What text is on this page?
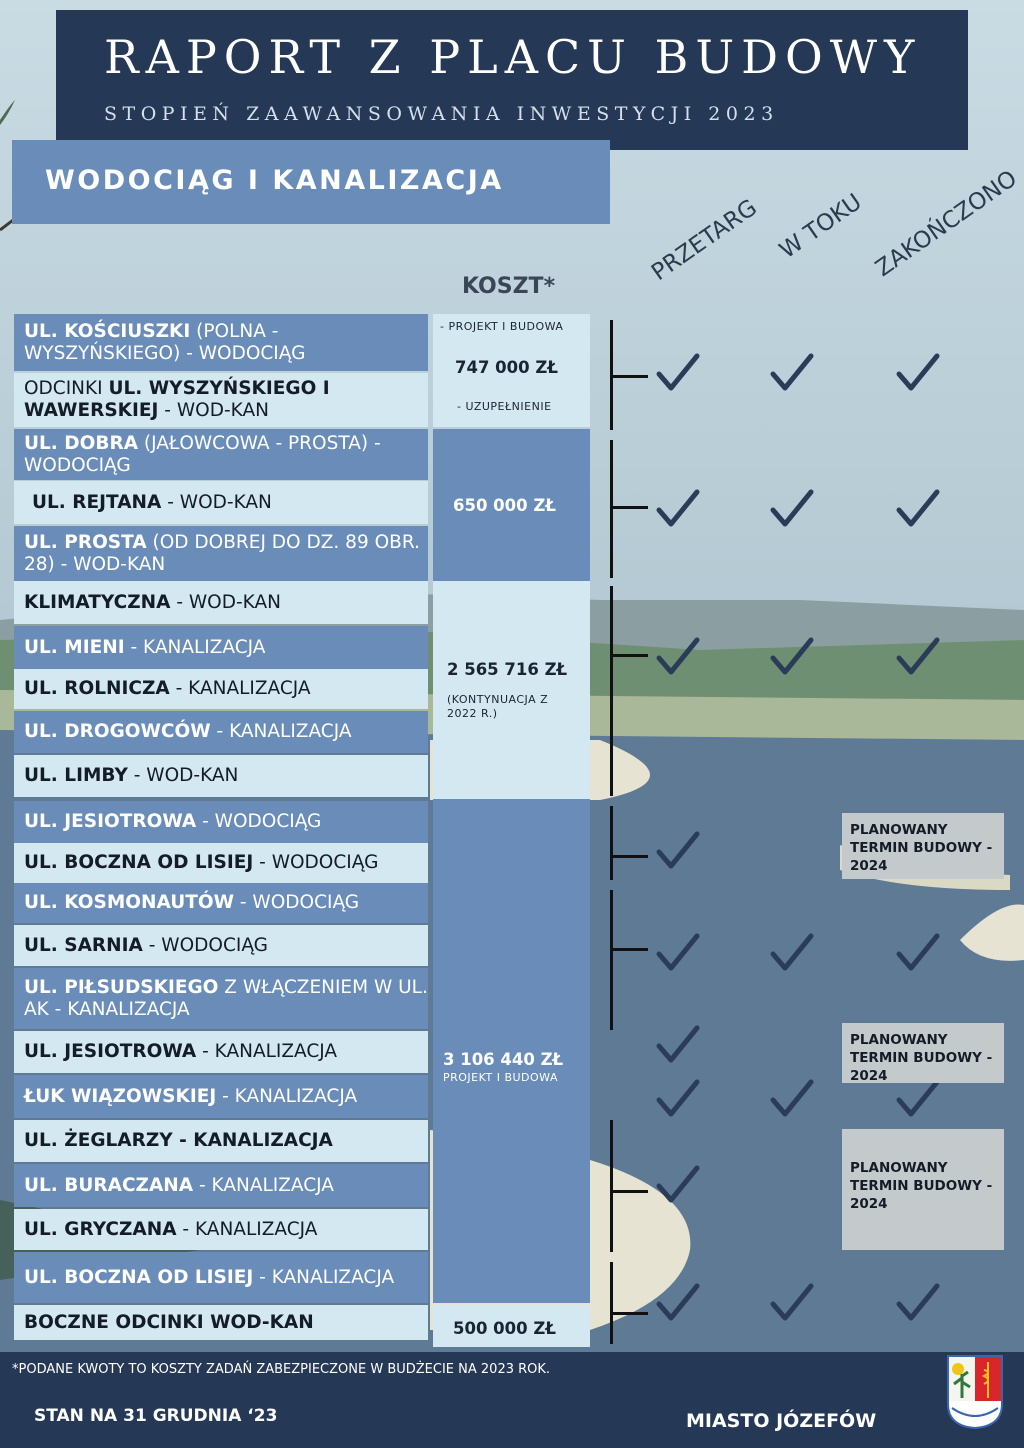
RAPORT Z PLACU BUDOWY
STOPIEŃ ZAAWANSOWANIA INWESTYCJI 2023
WODOCIĄG I KANALIZACJA
KOSZT*
PRZETARG W TOKU ZAKOŃCZONO
UL. KOŚCIUSZKI (POLNA - WYSZYŃSKIEGO) - WODOCIĄG
ODCINKI UL. WYSZYŃSKIEGO I WAWERSKIEJ - WOD-KAN
UL. DOBRA (JAŁOWCOWA - PROSTA) - WODOCIĄG
UL. REJTANA - WOD-KAN
UL. PROSTA (OD DOBREJ DO DZ. 89 OBR. 28) - WOD-KAN
KLIMATYCZNA - WOD-KAN
UL. MIENI - KANALIZACJA
UL. ROLNICZA - KANALIZACJA
UL. DROGOWCÓW - KANALIZACJA
UL. LIMBY - WOD-KAN
UL. JESIOTROWA - WODOCIĄG
UL. BOCZNA OD LISIEJ - WODOCIĄG
UL. KOSMONAUTÓW - WODOCIĄG
UL. SARNIA - WODOCIĄG
UL. PIŁSUDSKIEGO Z WŁĄCZENIEM W UL. AK - KANALIZACJA
UL. JESIOTROWA - KANALIZACJA
ŁUK WIĄZOWSKIEJ - KANALIZACJA
UL. ŻEGLARZY - KANALIZACJA
UL. BURACZANA - KANALIZACJA
UL. GRYCZANA - KANALIZACJA
UL. BOCZNA OD LISIEJ - KANALIZACJA
BOCZNE ODCINKI WOD-KAN
- PROJEKT I BUDOWA
747 000 ZŁ
- UZUPEŁNIENIE
650 000 ZŁ
2 565 716 ZŁ
(KONTYNUACJA Z 2022 R.)
3 106 440 ZŁ
PROJEKT I BUDOWA
500 000 ZŁ
PLANOWANY TERMIN BUDOWY - 2024
PLANOWANY TERMIN BUDOWY - 2024
PLANOWANY TERMIN BUDOWY - 2024
*PODANE KWOTY TO KOSZTY ZADAŃ ZABEZPIECZONE W BUDŻECIE NA 2023 ROK.
STAN NA 31 GRUDNIA ‘23	MIASTO JÓZEFÓW
